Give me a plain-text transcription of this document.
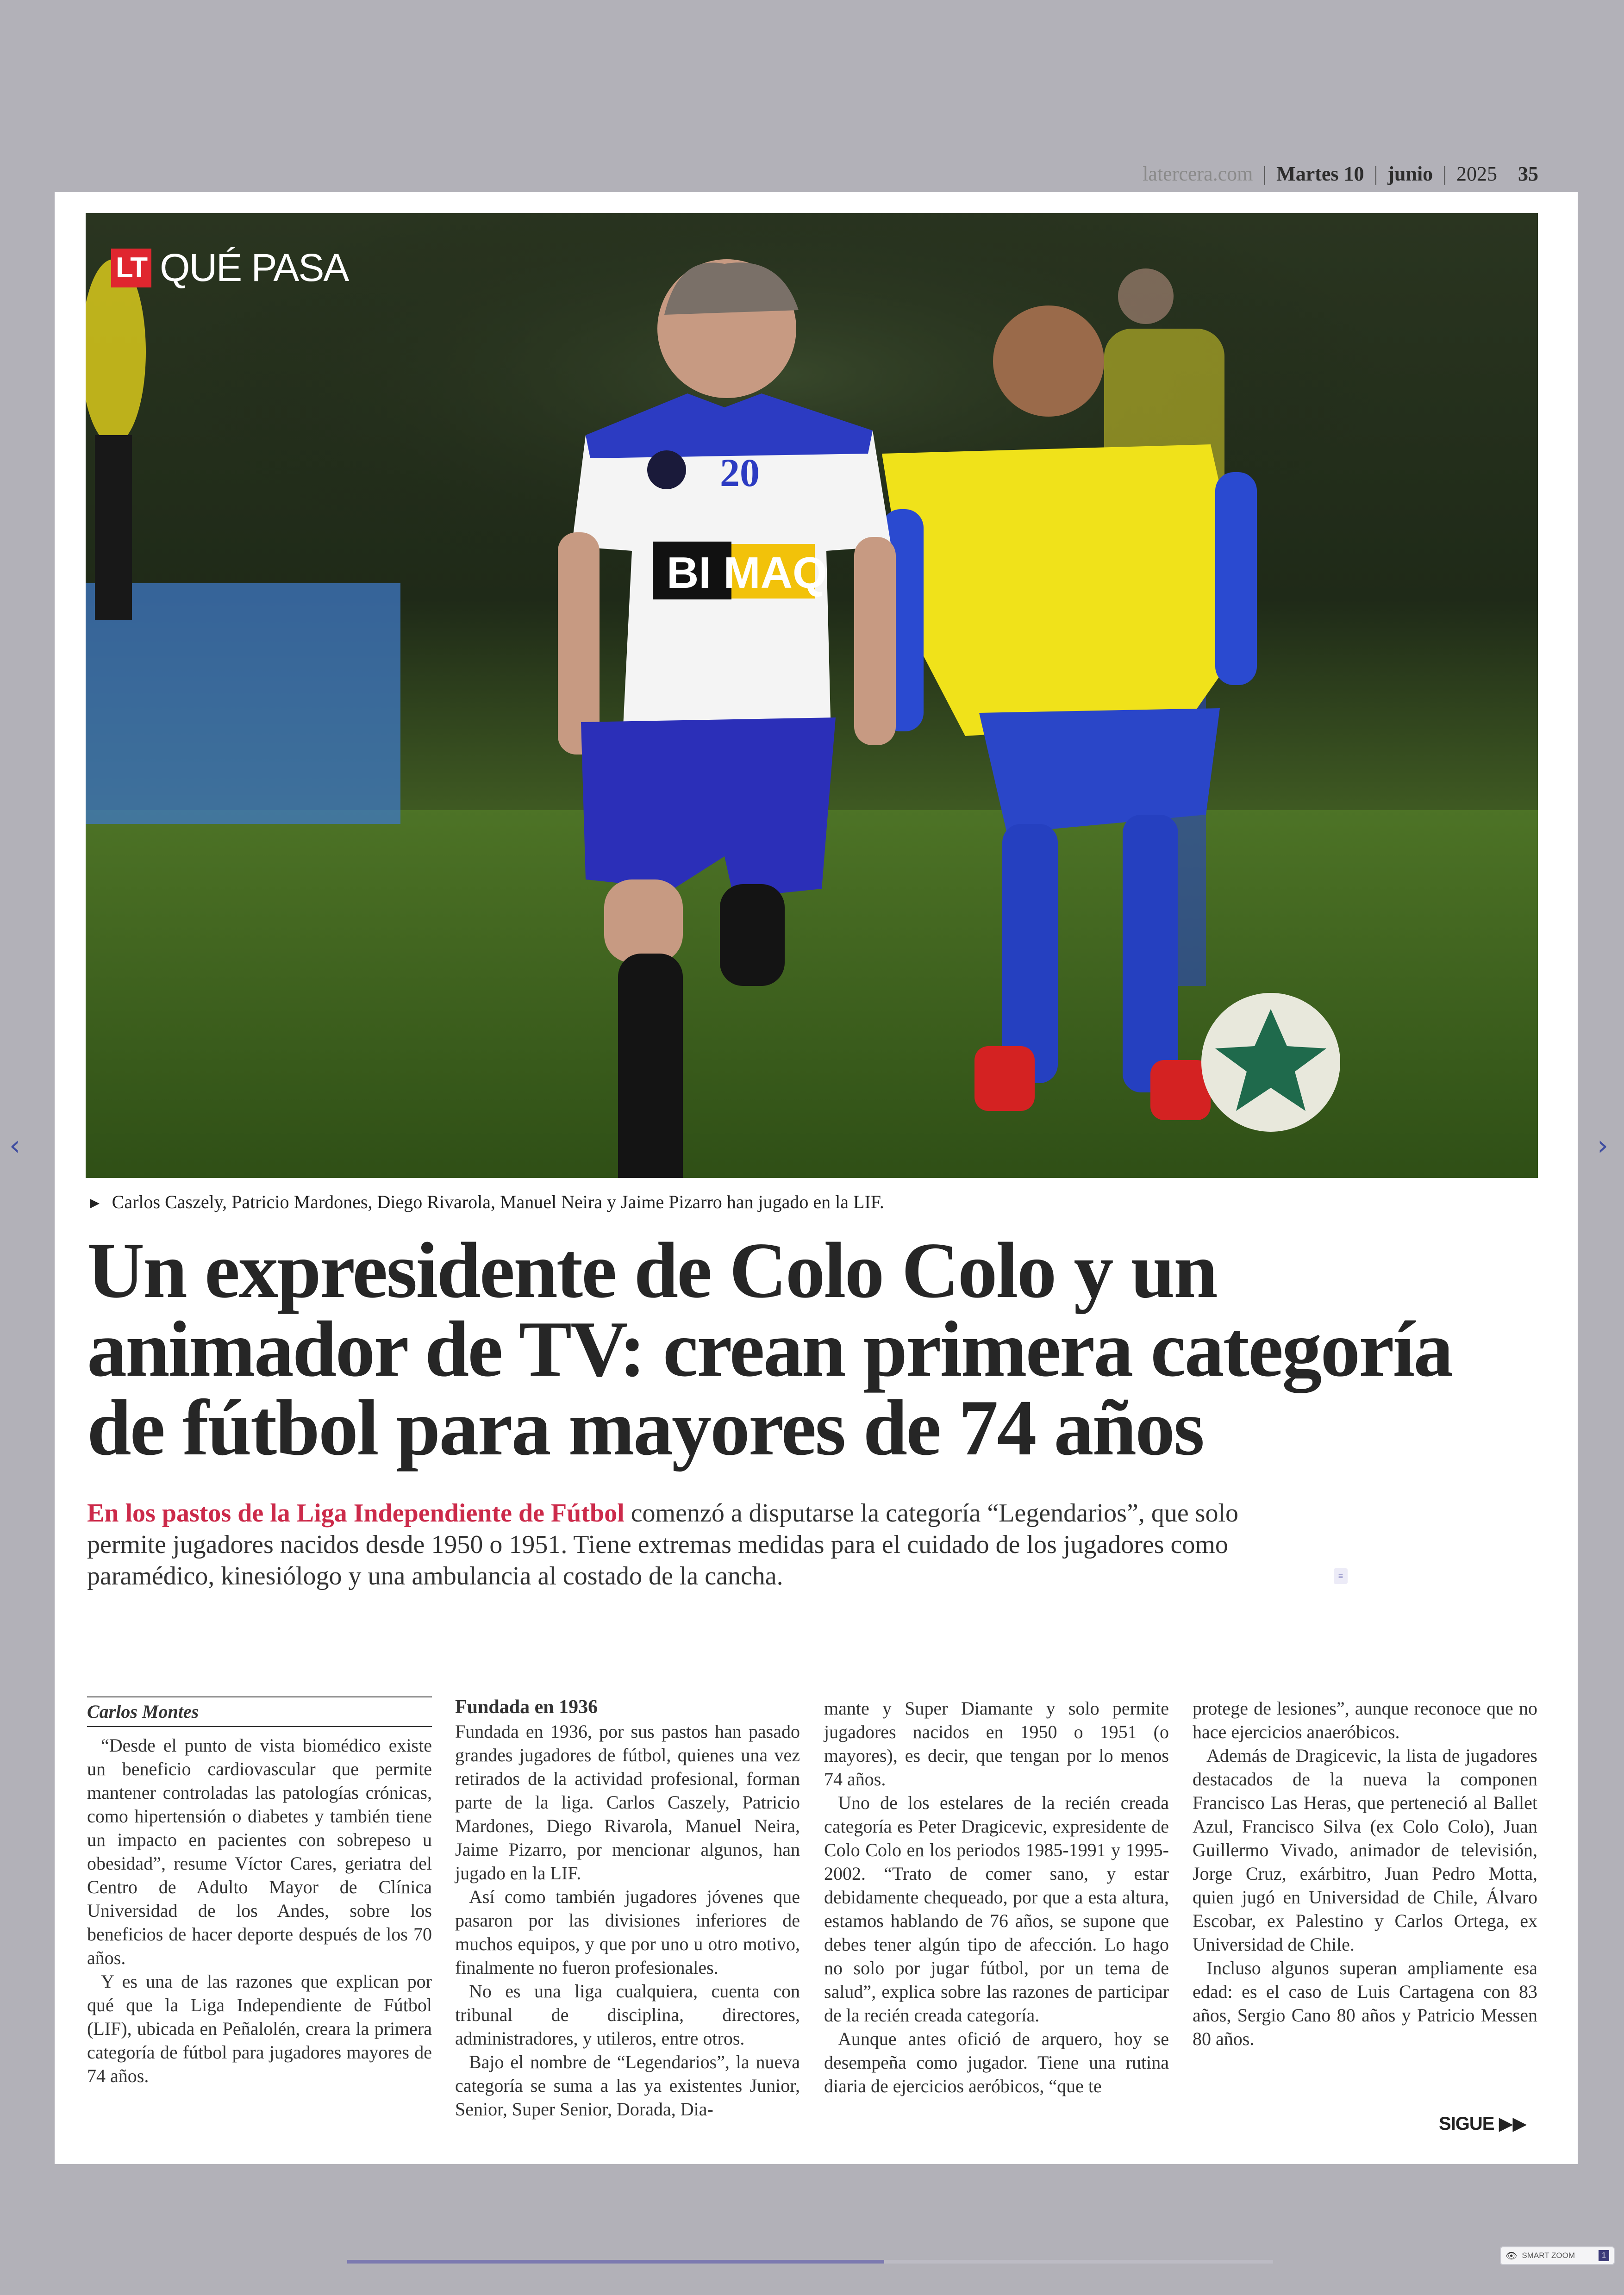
latercera.com | Martes 10 | junio | 2025 35
BI MAQ
20
LT QUÉ PASA
► Carlos Caszely, Patricio Mardones, Diego Rivarola, Manuel Neira y Jaime Pizarro han jugado en la LIF.
Un expresidente de Colo Colo y un
animador de TV: crean primera categoría
de fútbol para mayores de 74 años
En los pastos de la Liga Independiente de Fútbol comenzó a disputarse la categoría “Legendarios”, que solo permite jugadores nacidos desde 1950 o 1951. Tiene extremas medidas para el cuidado de los jugadores como paramédico, kinesiólogo y una ambulancia al costado de la cancha.	≡
Carlos Montes

“Desde el punto de vista biomédico existe un beneficio cardiovascular que permite mantener controladas las patologías crónicas, como hipertensión o diabetes y también tiene un impacto en pacientes con sobrepeso u obesidad”, resume Víctor Cares, geriatra del Centro de Adulto Mayor de Clínica Universidad de los Andes, sobre los beneficios de hacer deporte después de los 70 años.

Y es una de las razones que explican por qué que la Liga Independiente de Fútbol (LIF), ubicada en Peñalolén, creara la primera categoría de fútbol para jugadores mayores de 74 años.

Fundada en 1936

Fundada en 1936, por sus pastos han pasado grandes jugadores de fútbol, quienes una vez retirados de la actividad profesional, forman parte de la liga. Carlos Caszely, Patricio Mardones, Diego Rivarola, Manuel Neira, Jaime Pizarro, por mencionar algunos, han jugado en la LIF.

Así como también jugadores jóvenes que pasaron por las divisiones inferiores de muchos equipos, y que por uno u otro motivo, finalmente no fueron profesionales.

No es una liga cualquiera, cuenta con tribunal de disciplina, directores, administradores, y utileros, entre otros.

Bajo el nombre de “Legendarios”, la nueva categoría se suma a las ya existentes Junior, Senior, Super Senior, Dorada, Dia-

mante y Super Diamante y solo permite jugadores nacidos en 1950 o 1951 (o mayores), es decir, que tengan por lo menos 74 años.

Uno de los estelares de la recién creada categoría es Peter Dragicevic, expresidente de Colo Colo en los periodos 1985-1991 y 1995-2002. “Trato de comer sano, y estar debidamente chequeado, por que a esta altura, estamos hablando de 76 años, se supone que debes tener algún tipo de afección. Lo hago no solo por jugar fútbol, por un tema de salud”, explica sobre las razones de participar de la recién creada categoría.

Aunque antes ofició de arquero, hoy se desempeña como jugador. Tiene una rutina diaria de ejercicios aeróbicos, “que te

protege de lesiones”, aunque reconoce que no hace ejercicios anaeróbicos.

Además de Dragicevic, la lista de jugadores destacados de la nueva la componen Francisco Las Heras, que perteneció al Ballet Azul, Francisco Silva (ex Colo Colo), Juan Guillermo Vivado, animador de televisión, Jorge Cruz, exárbitro, Juan Pedro Motta, quien jugó en Universidad de Chile, Álvaro Escobar, ex Palestino y Carlos Ortega, ex Universidad de Chile.

Incluso algunos superan ampliamente esa edad: es el caso de Luis Cartagena con 83 años, Sergio Cano 80 años y Patricio Messen 80 años.

SIGUE ▶▶
‹	›
👁 SMART ZOOM	1
